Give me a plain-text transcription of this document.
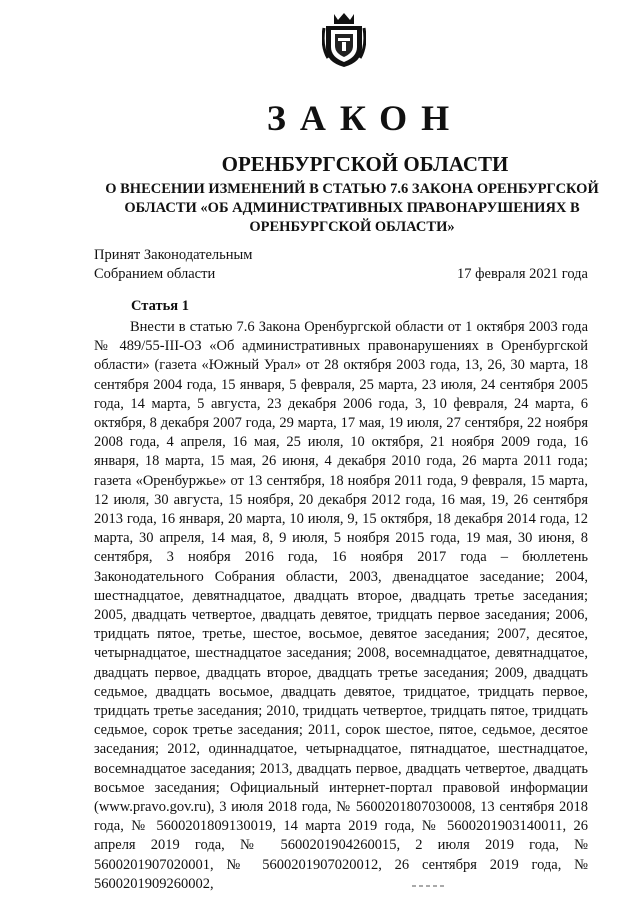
ЗАКОН
ОРЕНБУРГСКОЙ ОБЛАСТИ
О ВНЕСЕНИИ ИЗМЕНЕНИЙ В СТАТЬЮ 7.6 ЗАКОНА ОРЕНБУРГСКОЙ ОБЛАСТИ «ОБ АДМИНИСТРАТИВНЫХ ПРАВОНАРУШЕНИЯХ В ОРЕНБУРГСКОЙ ОБЛАСТИ»
Принят Законодательным
Собранием области	17 февраля 2021 года
Статья 1

Внести в статью 7.6 Закона Оренбургской области от 1 октября 2003 года № 489/55-III-ОЗ «Об административных правонарушениях в Оренбургской области» (газета «Южный Урал» от 28 октября 2003 года, 13, 26, 30 марта, 18 сентября 2004 года, 15 января, 5 февраля, 25 марта, 23 июля, 24 сентября 2005 года, 14 марта, 5 августа, 23 декабря 2006 года, 3, 10 февраля, 24 марта, 6 октября, 8 декабря 2007 года, 29 марта, 17 мая, 19 июля, 27 сентября, 22 ноября 2008 года, 4 апреля, 16 мая, 25 июля, 10 октября, 21 ноября 2009 года, 16 января, 18 марта, 15 мая, 26 июня, 4 декабря 2010 года, 26 марта 2011 года; газета «Оренбуржье» от 13 сентября, 18 ноября 2011 года, 9 февраля, 15 марта, 12 июля, 30 августа, 15 ноября, 20 декабря 2012 года, 16 мая, 19, 26 сентября 2013 года, 16 января, 20 марта, 10 июля, 9, 15 октября, 18 декабря 2014 года, 12 марта, 30 апреля, 14 мая, 8, 9 июля, 5 ноября 2015 года, 19 мая, 30 июня, 8 сентября, 3 ноября 2016 года, 16 ноября 2017 года – бюллетень Законодательного Собрания области, 2003, двенадцатое заседание; 2004, шестнадцатое, девятнадцатое, двадцать второе, двадцать третье заседания; 2005, двадцать четвертое, двадцать девятое, тридцать первое заседания; 2006, тридцать пятое, третье, шестое, восьмое, девятое заседания; 2007, десятое, четырнадцатое, шестнадцатое заседания; 2008, восемнадцатое, девятнадцатое, двадцать первое, двадцать второе, двадцать третье заседания; 2009, двадцать седьмое, двадцать восьмое, двадцать девятое, тридцатое, тридцать первое, тридцать третье заседания; 2010, тридцать четвертое, тридцать пятое, тридцать седьмое, сорок третье заседания; 2011, сорок шестое, пятое, седьмое, десятое заседания; 2012, одиннадцатое, четырнадцатое, пятнадцатое, шестнадцатое, восемнадцатое заседания; 2013, двадцать первое, двадцать четвертое, двадцать восьмое заседания; Официальный интернет-портал правовой информации (www.pravo.gov.ru), 3 июля 2018 года, № 5600201807030008, 13 сентября 2018 года, № 5600201809130019, 14 марта 2019 года, № 5600201903140011, 26 апреля 2019 года, № 5600201904260015, 2 июля 2019 года, № 5600201907020001, № 5600201907020012, 26 сентября 2019 года, № 5600201909260002,
